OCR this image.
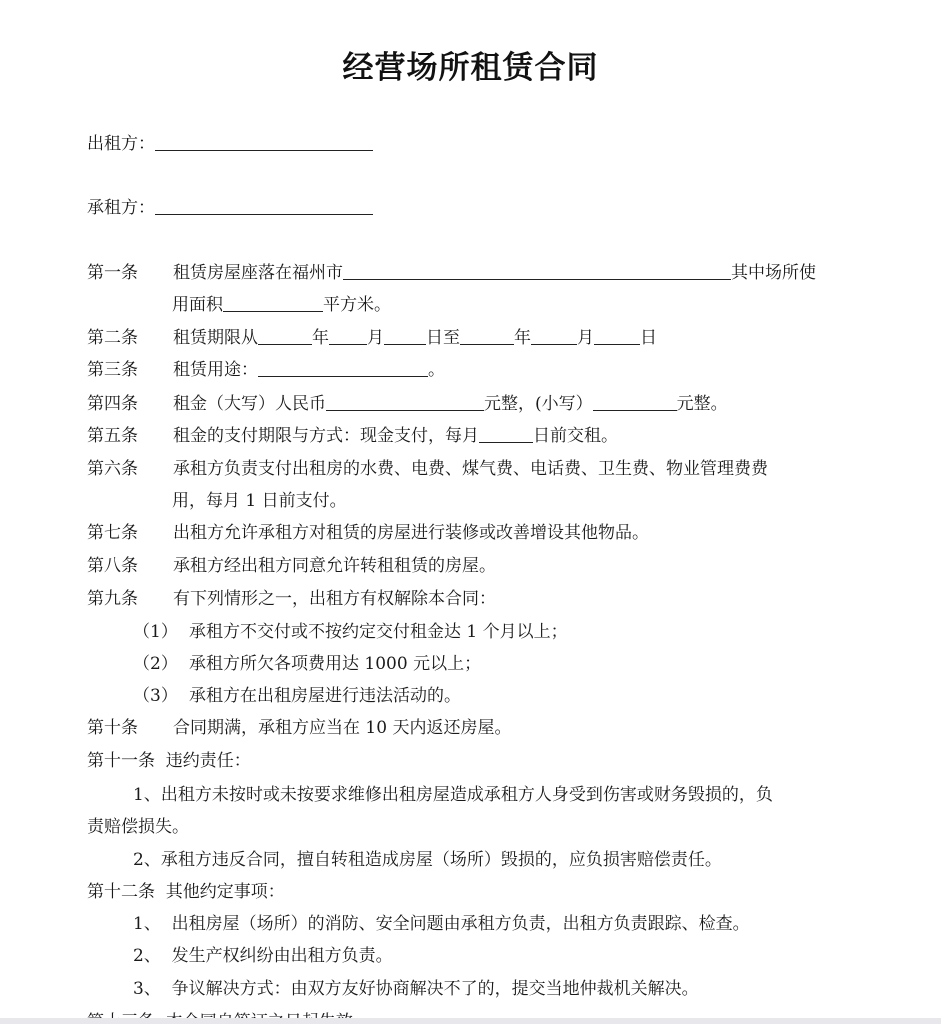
经营场所租赁合同
出租方：
承租方：
第一条 租赁房屋座落在福州市	其中场所使
用面积	平方米。
第二条 租赁期限从	年 月 日至	年	月	日
第三条 租赁用途：	。
第四条 租金（大写）人民币	元整，(小写）	元整。
第五条 租金的支付期限与方式：现金支付，每月	日前交租。
第六条 承租方负责支付出租房的水费、电费、煤气费、电话费、卫生费、物业管理费费
用，每月 1 日前支付。
第七条 出租方允许承租方对租赁的房屋进行装修或改善增设其他物品。
第八条 承租方经出租方同意允许转租租赁的房屋。
第九条 有下列情形之一，出租方有权解除本合同：
（1） 承租方不交付或不按约定交付租金达 1 个月以上；
（2） 承租方所欠各项费用达 1000 元以上；
（3） 承租方在出租房屋进行违法活动的。
第十条 合同期满，承租方应当在 10 天内返还房屋。
第十一条  违约责任：
1、出租方未按时或未按要求维修出租房屋造成承租方人身受到伤害或财务毁损的，负
责赔偿损失。
2、承租方违反合同，擅自转租造成房屋（场所）毁损的，应负损害赔偿责任。
第十二条  其他约定事项：
1、  出租房屋（场所）的消防、安全问题由承租方负责，出租方负责跟踪、检查。
2、  发生产权纠纷由出租方负责。
3、  争议解决方式：由双方友好协商解决不了的，提交当地仲裁机关解决。
